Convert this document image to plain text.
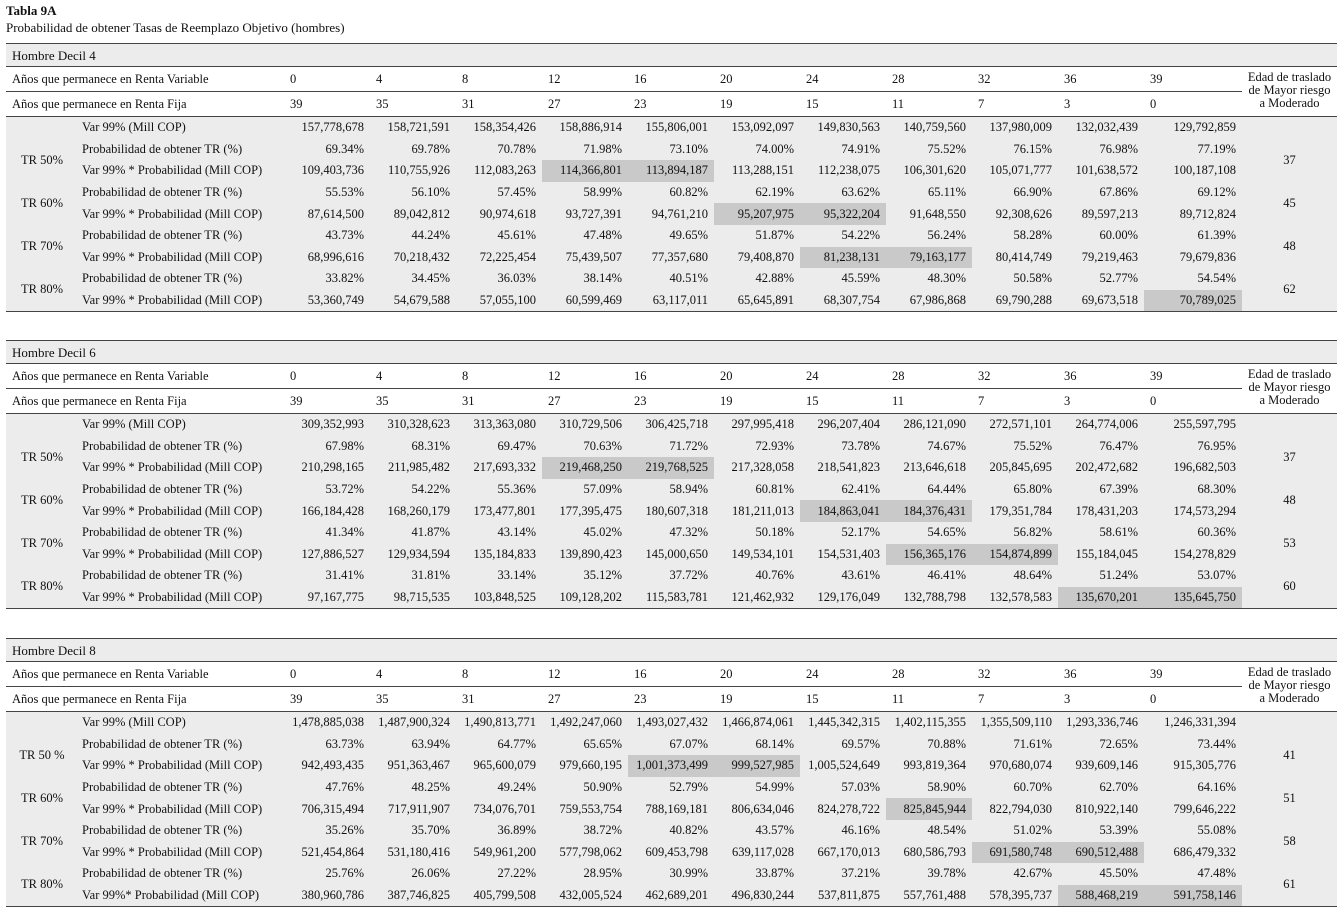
Tabla 9A
Probabilidad de obtener Tasas de Reemplazo Objetivo (hombres)
Hombre Decil 4
Años que permanece en Renta Variable		0	4	8	12	16	20	24	28	32	36	39	Edad de traslado
de Mayor riesgo
a Moderado

Años que permanece en Renta Fija		39	35	31	27	23	19	15	11	7	3	0	
	Var 99% (Mill COP)	157,778,678	158,721,591	158,354,426	158,886,914	155,806,001	153,092,097	149,830,563	140,759,560	137,980,009	132,032,439	129,792,859	
TR 50%	Probabilidad de obtener TR (%)	69.34%	69.78%	70.78%	71.98%	73.10%	74.00%	74.91%	75.52%	76.15%	76.98%	77.19%	37
	Var 99% * Probabilidad (Mill COP)	109,403,736	110,755,926	112,083,263	114,366,801	113,894,187	113,288,151	112,238,075	106,301,620	105,071,777	101,638,572	100,187,108	
TR 60%	Probabilidad de obtener TR (%)	55.53%	56.10%	57.45%	58.99%	60.82%	62.19%	63.62%	65.11%	66.90%	67.86%	69.12%	45
	Var 99% * Probabilidad (Mill COP)	87,614,500	89,042,812	90,974,618	93,727,391	94,761,210	95,207,975	95,322,204	91,648,550	92,308,626	89,597,213	89,712,824	
TR 70%	Probabilidad de obtener TR (%)	43.73%	44.24%	45.61%	47.48%	49.65%	51.87%	54.22%	56.24%	58.28%	60.00%	61.39%	48
	Var 99% * Probabilidad (Mill COP)	68,996,616	70,218,432	72,225,454	75,439,507	77,357,680	79,408,870	81,238,131	79,163,177	80,414,749	79,219,463	79,679,836	
TR 80%	Probabilidad de obtener TR (%)	33.82%	34.45%	36.03%	38.14%	40.51%	42.88%	45.59%	48.30%	50.58%	52.77%	54.54%	62
	Var 99% * Probabilidad (Mill COP)	53,360,749	54,679,588	57,055,100	60,599,469	63,117,011	65,645,891	68,307,754	67,986,868	69,790,288	69,673,518	70,789,025	
Hombre Decil 6
Años que permanece en Renta Variable		0	4	8	12	16	20	24	28	32	36	39	Edad de traslado
de Mayor riesgo
a Moderado

Años que permanece en Renta Fija		39	35	31	27	23	19	15	11	7	3	0	
	Var 99% (Mill COP)	309,352,993	310,328,623	313,363,080	310,729,506	306,425,718	297,995,418	296,207,404	286,121,090	272,571,101	264,774,006	255,597,795	
TR 50%	Probabilidad de obtener TR (%)	67.98%	68.31%	69.47%	70.63%	71.72%	72.93%	73.78%	74.67%	75.52%	76.47%	76.95%	37
	Var 99% * Probabilidad (Mill COP)	210,298,165	211,985,482	217,693,332	219,468,250	219,768,525	217,328,058	218,541,823	213,646,618	205,845,695	202,472,682	196,682,503	
TR 60%	Probabilidad de obtener TR (%)	53.72%	54.22%	55.36%	57.09%	58.94%	60.81%	62.41%	64.44%	65.80%	67.39%	68.30%	48
	Var 99% * Probabilidad (Mill COP)	166,184,428	168,260,179	173,477,801	177,395,475	180,607,318	181,211,013	184,863,041	184,376,431	179,351,784	178,431,203	174,573,294	
TR 70%	Probabilidad de obtener TR (%)	41.34%	41.87%	43.14%	45.02%	47.32%	50.18%	52.17%	54.65%	56.82%	58.61%	60.36%	53
	Var 99% * Probabilidad (Mill COP)	127,886,527	129,934,594	135,184,833	139,890,423	145,000,650	149,534,101	154,531,403	156,365,176	154,874,899	155,184,045	154,278,829	
TR 80%	Probabilidad de obtener TR (%)	31.41%	31.81%	33.14%	35.12%	37.72%	40.76%	43.61%	46.41%	48.64%	51.24%	53.07%	60
	Var 99% * Probabilidad (Mill COP)	97,167,775	98,715,535	103,848,525	109,128,202	115,583,781	121,462,932	129,176,049	132,788,798	132,578,583	135,670,201	135,645,750	
Hombre Decil 8
Años que permanece en Renta Variable		0	4	8	12	16	20	24	28	32	36	39	Edad de traslado
de Mayor riesgo
a Moderado

Años que permanece en Renta Fija		39	35	31	27	23	19	15	11	7	3	0	
	Var 99% (Mill COP)	1,478,885,038	1,487,900,324	1,490,813,771	1,492,247,060	1,493,027,432	1,466,874,061	1,445,342,315	1,402,115,355	1,355,509,110	1,293,336,746	1,246,331,394	
TR 50 %	Probabilidad de obtener TR (%)	63.73%	63.94%	64.77%	65.65%	67.07%	68.14%	69.57%	70.88%	71.61%	72.65%	73.44%	41
	Var 99% * Probabilidad (Mill COP)	942,493,435	951,363,467	965,600,079	979,660,195	1,001,373,499	999,527,985	1,005,524,649	993,819,364	970,680,074	939,609,146	915,305,776	
TR 60%	Probabilidad de obtener TR (%)	47.76%	48.25%	49.24%	50.90%	52.79%	54.99%	57.03%	58.90%	60.70%	62.70%	64.16%	51
	Var 99% * Probabilidad (Mill COP)	706,315,494	717,911,907	734,076,701	759,553,754	788,169,181	806,634,046	824,278,722	825,845,944	822,794,030	810,922,140	799,646,222	
TR 70%	Probabilidad de obtener TR (%)	35.26%	35.70%	36.89%	38.72%	40.82%	43.57%	46.16%	48.54%	51.02%	53.39%	55.08%	58
	Var 99% * Probabilidad (Mill COP)	521,454,864	531,180,416	549,961,200	577,798,062	609,453,798	639,117,028	667,170,013	680,586,793	691,580,748	690,512,488	686,479,332	
TR 80%	Probabilidad de obtener TR (%)	25.76%	26.06%	27.22%	28.95%	30.99%	33.87%	37.21%	39.78%	42.67%	45.50%	47.48%	61
	Var 99%* Probabilidad (Mill COP)	380,960,786	387,746,825	405,799,508	432,005,524	462,689,201	496,830,244	537,811,875	557,761,488	578,395,737	588,468,219	591,758,146	
